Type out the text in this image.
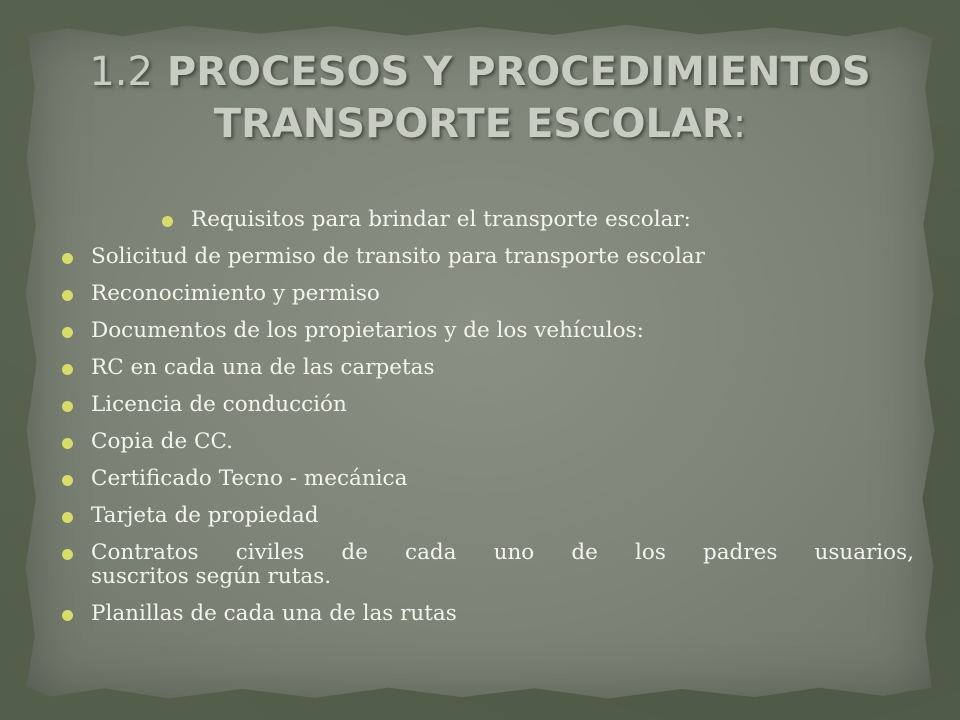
1.2 PROCESOS Y PROCEDIMIENTOS
TRANSPORTE ESCOLAR:
Requisitos para brindar el transporte escolar:
Solicitud de permiso de transito para transporte escolar
Reconocimiento y permiso
Documentos de los propietarios y de los vehículos:
RC en cada una de las carpetas
Licencia de conducción
Copia de CC.
Certificado Tecno - mecánica
Tarjeta de propiedad
Contratos civiles de cada uno de los padres usuarios,
suscritos según rutas.
Planillas de cada una de las rutas
